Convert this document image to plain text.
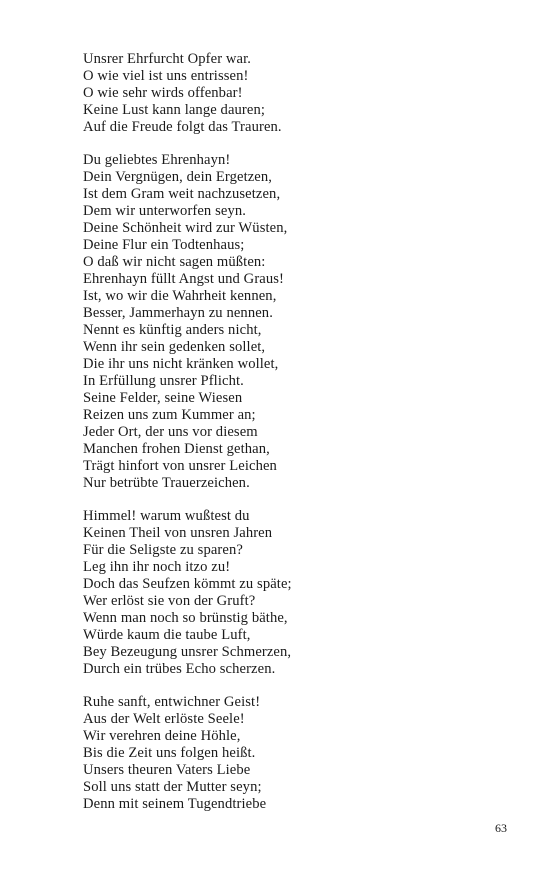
Unsrer Ehrfurcht Opfer war.
O wie viel ist uns entrissen!
O wie sehr wirds offenbar!
Keine Lust kann lange dauren;
Auf die Freude folgt das Trauren.
Du geliebtes Ehrenhayn!
Dein Vergnügen, dein Ergetzen,
Ist dem Gram weit nachzusetzen,
Dem wir unterworfen seyn.
Deine Schönheit wird zur Wüsten,
Deine Flur ein Todtenhaus;
O daß wir nicht sagen müßten:
Ehrenhayn füllt Angst und Graus!
Ist, wo wir die Wahrheit kennen,
Besser, Jammerhayn zu nennen.
Nennt es künftig anders nicht,
Wenn ihr sein gedenken sollet,
Die ihr uns nicht kränken wollet,
In Erfüllung unsrer Pflicht.
Seine Felder, seine Wiesen
Reizen uns zum Kummer an;
Jeder Ort, der uns vor diesem
Manchen frohen Dienst gethan,
Trägt hinfort von unsrer Leichen
Nur betrübte Trauerzeichen.
Himmel! warum wußtest du
Keinen Theil von unsren Jahren
Für die Seligste zu sparen?
Leg ihn ihr noch itzo zu!
Doch das Seufzen kömmt zu späte;
Wer erlöst sie von der Gruft?
Wenn man noch so brünstig bäthe,
Würde kaum die taube Luft,
Bey Bezeugung unsrer Schmerzen,
Durch ein trübes Echo scherzen.
Ruhe sanft, entwichner Geist!
Aus der Welt erlöste Seele!
Wir verehren deine Höhle,
Bis die Zeit uns folgen heißt.
Unsers theuren Vaters Liebe
Soll uns statt der Mutter seyn;
Denn mit seinem Tugendtriebe
63
